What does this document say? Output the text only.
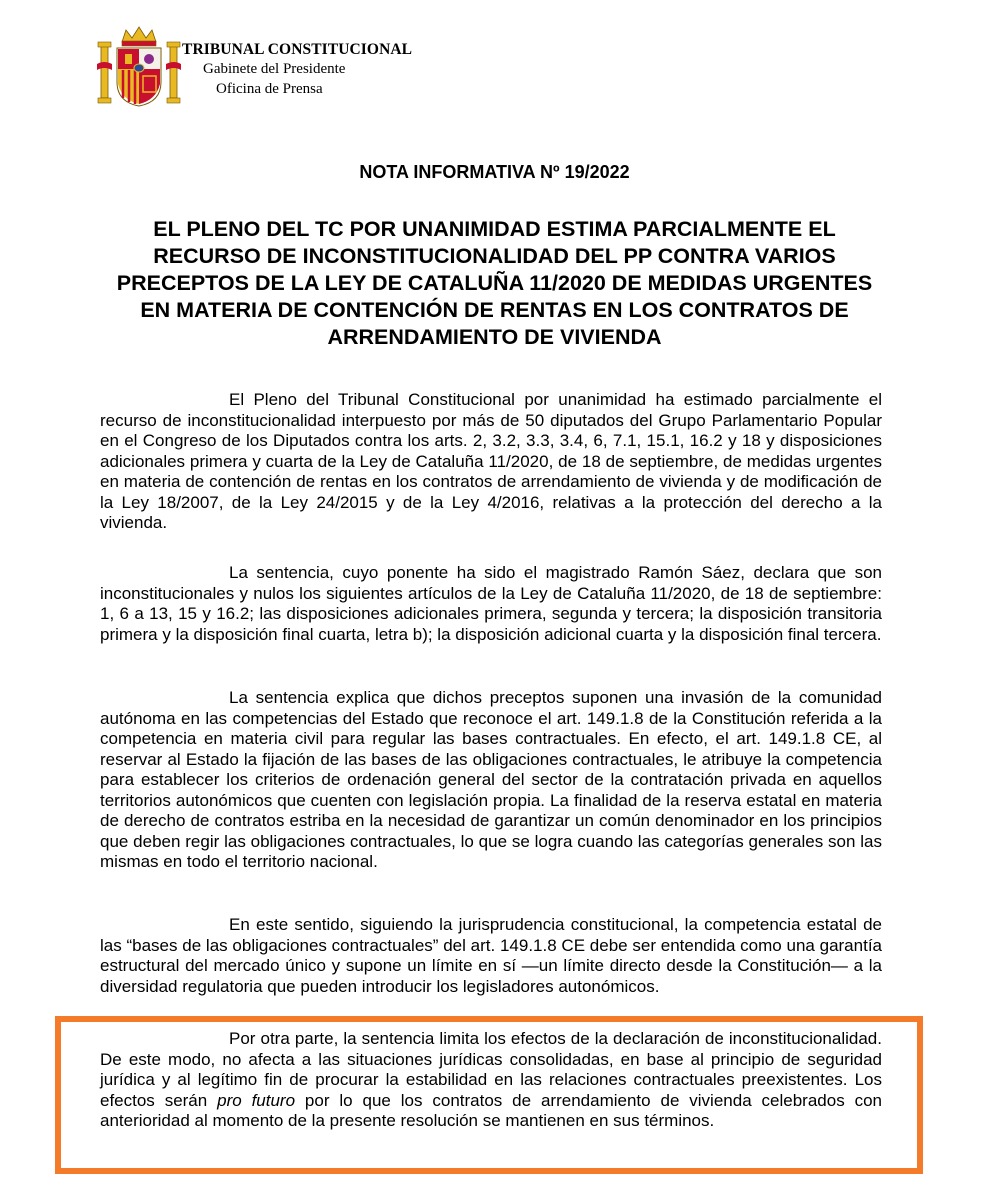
TRIBUNAL CONSTITUCIONAL
Gabinete del Presidente
Oficina de Prensa
NOTA INFORMATIVA Nº 19/2022
EL PLENO DEL TC POR UNANIMIDAD ESTIMA PARCIALMENTE EL RECURSO DE INCONSTITUCIONALIDAD DEL PP CONTRA VARIOS PRECEPTOS DE LA LEY DE CATALUÑA 11/2020 DE MEDIDAS URGENTES EN MATERIA DE CONTENCIÓN DE RENTAS EN LOS CONTRATOS DE ARRENDAMIENTO DE VIVIENDA
El Pleno del Tribunal Constitucional por unanimidad ha estimado parcialmente el recurso de inconstitucionalidad interpuesto por más de 50 diputados del Grupo Parlamentario Popular en el Congreso de los Diputados contra los arts. 2, 3.2, 3.3, 3.4, 6, 7.1, 15.1, 16.2 y 18 y disposiciones adicionales primera y cuarta de la Ley de Cataluña 11/2020, de 18 de septiembre, de medidas urgentes en materia de contención de rentas en los contratos de arrendamiento de vivienda y de modificación de la Ley 18/2007, de la Ley 24/2015 y de la Ley 4/2016, relativas a la protección del derecho a la vivienda.
La sentencia, cuyo ponente ha sido el magistrado Ramón Sáez, declara que son inconstitucionales y nulos los siguientes artículos de la Ley de Cataluña 11/2020, de 18 de septiembre: 1, 6 a 13, 15 y 16.2; las disposiciones adicionales primera, segunda y tercera; la disposición transitoria primera y la disposición final cuarta, letra b); la disposición adicional cuarta y la disposición final tercera.
La sentencia explica que dichos preceptos suponen una invasión de la comunidad autónoma en las competencias del Estado que reconoce el art. 149.1.8 de la Constitución referida a la competencia en materia civil para regular las bases contractuales. En efecto, el art. 149.1.8 CE, al reservar al Estado la fijación de las bases de las obligaciones contractuales, le atribuye la competencia para establecer los criterios de ordenación general del sector de la contratación privada en aquellos territorios autonómicos que cuenten con legislación propia. La finalidad de la reserva estatal en materia de derecho de contratos estriba en la necesidad de garantizar un común denominador en los principios que deben regir las obligaciones contractuales, lo que se logra cuando las categorías generales son las mismas en todo el territorio nacional.
En este sentido, siguiendo la jurisprudencia constitucional, la competencia estatal de las “bases de las obligaciones contractuales” del art. 149.1.8 CE debe ser entendida como una garantía estructural del mercado único y supone un límite en sí —un límite directo desde la Constitución— a la diversidad regulatoria que pueden introducir los legisladores autonómicos.
Por otra parte, la sentencia limita los efectos de la declaración de inconstitucionalidad. De este modo, no afecta a las situaciones jurídicas consolidadas, en base al principio de seguridad jurídica y al legítimo fin de procurar la estabilidad en las relaciones contractuales preexistentes. Los efectos serán pro futuro por lo que los contratos de arrendamiento de vivienda celebrados con anterioridad al momento de la presente resolución se mantienen en sus términos.
